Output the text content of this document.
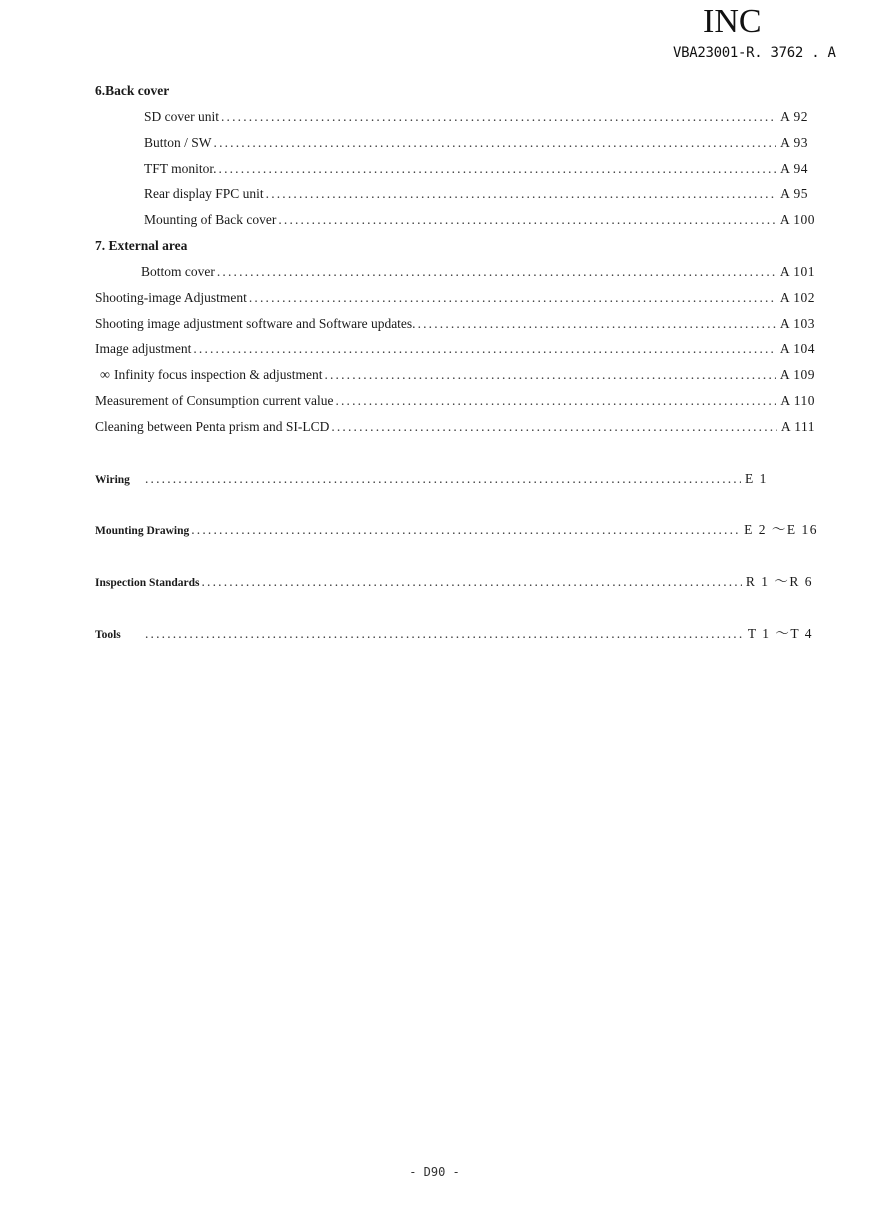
INC
VBA23001-R. 3762 . A
6.Back cover
SD cover unit . . .	A 92
Button / SW . . .	A 93
TFT monitor. . . .	A 94
Rear display FPC unit . . .	A 95
Mounting of Back cover . . .	A 100
7. External area
Bottom cover . . .	A 101
Shooting-image Adjustment . . .	A 102
Shooting image adjustment software and Software updates. . . .	A 103
Image adjustment . . .	A 104
∞ Infinity focus inspection & adjustment . . .	A 109
Measurement of Consumption current value . . .	A 110
Cleaning between Penta prism and SI-LCD . . .	A 111
Wiring . . .	E 1
Mounting Drawing . . .	E 2 ～E 16
Inspection Standards . . .	R 1 ～R 6
Tools . . .	T 1 ～T 4
- D90 -
